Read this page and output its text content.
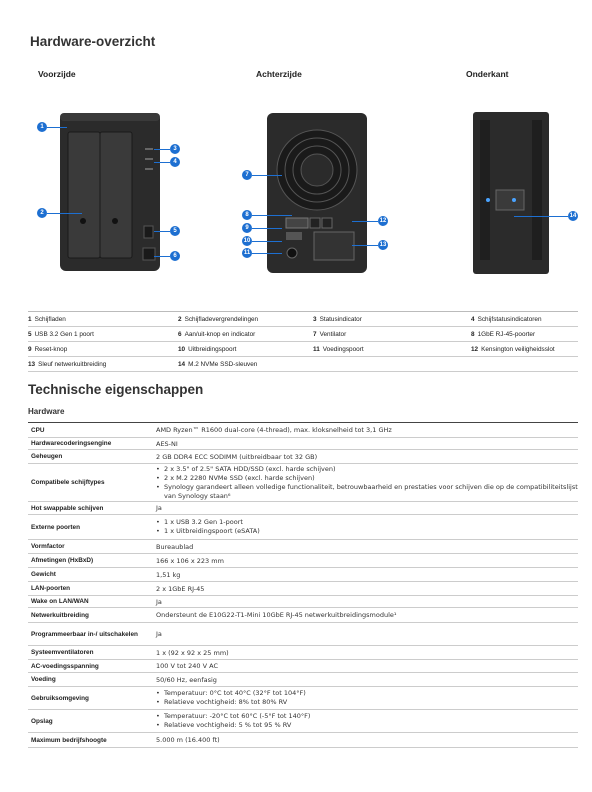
Hardware-overzicht
Voorzijde	Achterzijde	Onderkant
1
2
3
4
5
6
7
8
9
10
11
12
13
14
1 Schijfladen	2 Schijfladevergrendelingen	3 Statusindicator	4 Schijfstatusindicatoren
5 USB 3.2 Gen 1 poort	6 Aan/uit-knop en indicator	7 Ventilator	8 1GbE RJ-45-poorter
9 Reset-knop	10 Uitbreidingspoort	11 Voedingspoort	12 Kensington veiligheidsslot
13 Sleuf netwerkuitbreiding	14 M.2 NVMe SSD-sleuven
Technische eigenschappen
Hardware
CPU	AMD Ryzen™ R1600 dual-core (4-thread), max. kloksnelheid tot 3,1 GHz
Hardwarecoderingsengine	AES-NI
Geheugen	2 GB DDR4 ECC SODIMM (uitbreidbaar tot 32 GB)
Compatibele schijftypes
• 2 x 3.5" of 2.5" SATA HDD/SSD (excl. harde schijven)
• 2 x M.2 2280 NVMe SSD (excl. harde schijven)
• Synology garandeert alleen volledige functionaliteit, betrouwbaarheid en prestaties voor schijven die op de compatibiliteitslijst van Synology staan⁶
Hot swappable schijven	Ja
Externe poorten
• 1 x USB 3.2 Gen 1-poort
• 1 x Uitbreidingspoort (eSATA)
Vormfactor	Bureaublad
Afmetingen (HxBxD)	166 x 106 x 223 mm
Gewicht	1,51 kg
LAN-poorten	2 x 1GbE RJ-45
Wake on LAN/WAN	Ja
Netwerkuitbreiding	Ondersteunt de E10G22-T1-Mini 10GbE RJ-45 netwerkuitbreidingsmodule¹
Programmeerbaar in-/ uitschakelen	Ja
Systeemventilatoren	1 x (92 x 92 x 25 mm)
AC-voedingsspanning	100 V tot 240 V AC
Voeding	50/60 Hz, eenfasig
Gebruiksomgeving
• Temperatuur: 0°C tot 40°C (32°F tot 104°F)
• Relatieve vochtigheid: 8% tot 80% RV
Opslag
• Temperatuur: -20°C tot 60°C (-5°F tot 140°F)
• Relatieve vochtigheid: 5 % tot 95 % RV
Maximum bedrijfshoogte	5.000 m (16.400 ft)
